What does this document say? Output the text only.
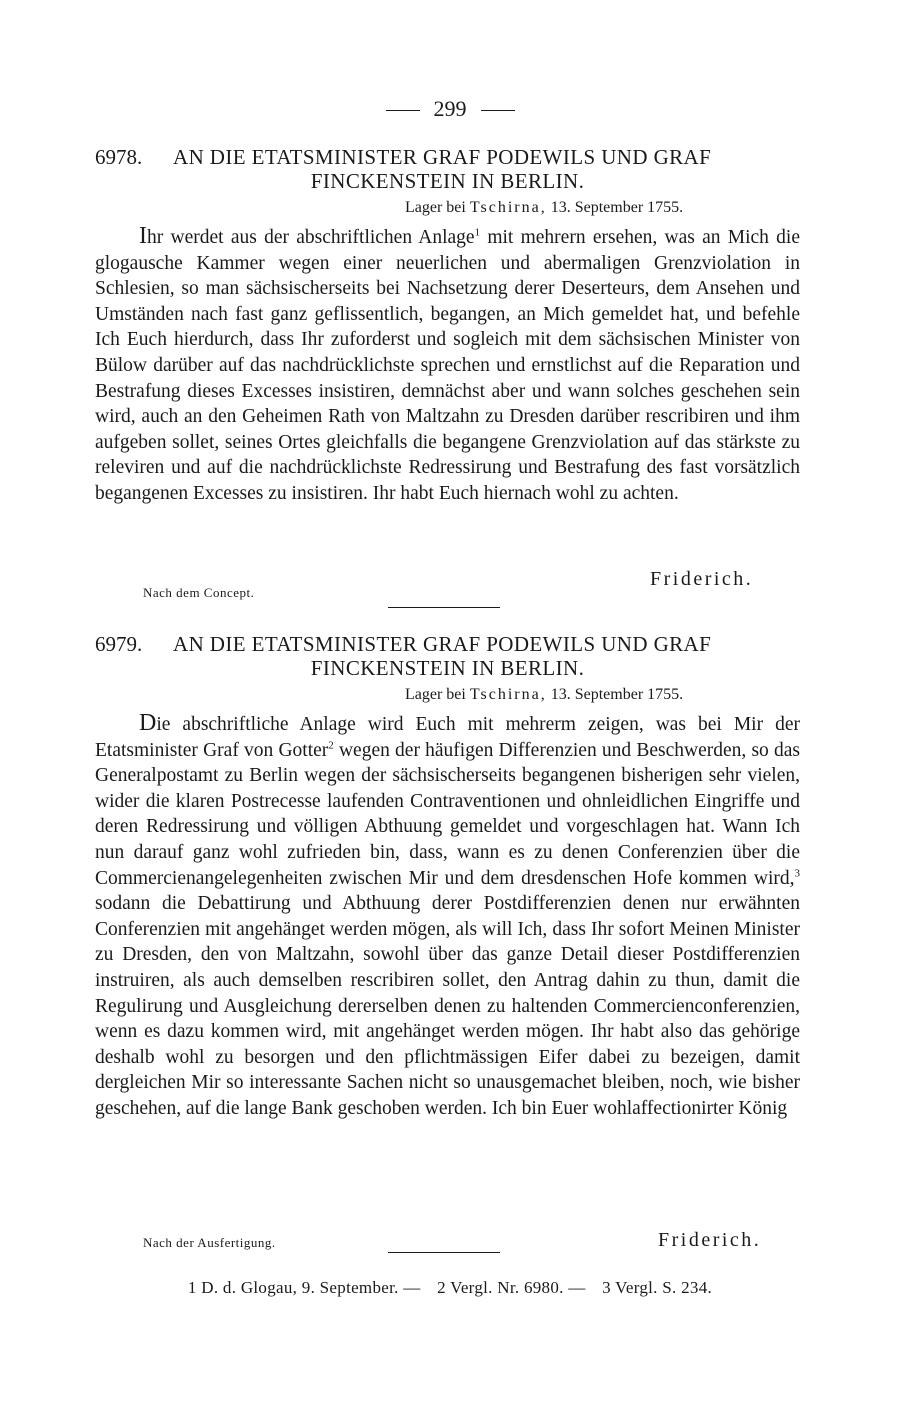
299
6978.	AN DIE ETATSMINISTER GRAF PODEWILS UND GRAF
FINCKENSTEIN IN BERLIN.
Lager bei Tschirna, 13. September 1755.

Ihr werdet aus der abschriftlichen Anlage$^1$ mit mehrern ersehen, was an Mich die glogausche Kammer wegen einer neuerlichen und abermaligen Grenzviolation in Schlesien, so man sächsischerseits bei Nachsetzung derer Deserteurs, dem Ansehen und Umständen nach fast ganz geflissentlich, begangen, an Mich gemeldet hat, und befehle Ich Euch hierdurch, dass Ihr zuforderst und sogleich mit dem sächsischen Minister von Bülow darüber auf das nachdrücklichste sprechen und ernstlichst auf die Reparation und Bestrafung dieses Excesses insistiren, demnächst aber und wann solches geschehen sein wird, auch an den Geheimen Rath von Maltzahn zu Dresden darüber rescribiren und ihm aufgeben sollet, seines Ortes gleichfalls die begangene Grenzviolation auf das stärkste zu releviren und auf die nachdrücklichste Redressirung und Bestrafung des fast vorsätzlich begangenen Excesses zu insistiren. Ihr habt Euch hiernach wohl zu achten.

Friderich.
Nach dem Concept.
6979.	AN DIE ETATSMINISTER GRAF PODEWILS UND GRAF
FINCKENSTEIN IN BERLIN.
Lager bei Tschirna, 13. September 1755.

Die abschriftliche Anlage wird Euch mit mehrerm zeigen, was bei Mir der Etatsminister Graf von Gotter$^2$ wegen der häufigen Differenzien und Beschwerden, so das Generalpostamt zu Berlin wegen der sächsischerseits begangenen bisherigen sehr vielen, wider die klaren Postrecesse laufenden Contraventionen und ohnleidlichen Eingriffe und deren Redressirung und völligen Abthuung gemeldet und vorgeschlagen hat. Wann Ich nun darauf ganz wohl zufrieden bin, dass, wann es zu denen Conferenzien über die Commercienangelegenheiten zwischen Mir und dem dresdenschen Hofe kommen wird,$^3$ sodann die Debattirung und Abthuung derer Postdifferenzien denen nur erwähnten Conferenzien mit angehänget werden mögen, als will Ich, dass Ihr sofort Meinen Minister zu Dresden, den von Maltzahn, sowohl über das ganze Detail dieser Postdifferenzien instruiren, als auch demselben rescribiren sollet, den Antrag dahin zu thun, damit die Regulirung und Ausgleichung dererselben denen zu haltenden Commercienconferenzien, wenn es dazu kommen wird, mit angehänget werden mögen. Ihr habt also das gehörige deshalb wohl zu besorgen und den pflichtmässigen Eifer dabei zu bezeigen, damit dergleichen Mir so interessante Sachen nicht so unausgemachet bleiben, noch, wie bisher geschehen, auf die lange Bank geschoben werden. Ich bin Euer wohlaffectionirter König

Nach der Ausfertigung.	Friderich.
1 D. d. Glogau, 9. September. — 2 Vergl. Nr. 6980. — 3 Vergl. S. 234.
